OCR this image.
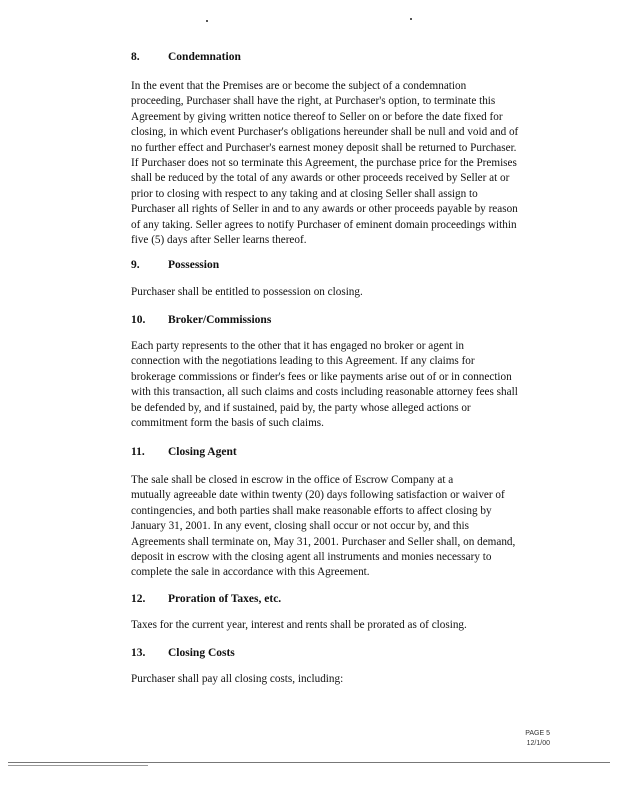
8. Condemnation

In the event that the Premises are or become the subject of a condemnation
proceeding, Purchaser shall have the right, at Purchaser's option, to terminate this
Agreement by giving written notice thereof to Seller on or before the date fixed for
closing, in which event Purchaser's obligations hereunder shall be null and void and of
no further effect and Purchaser's earnest money deposit shall be returned to Purchaser.
If Purchaser does not so terminate this Agreement, the purchase price for the Premises
shall be reduced by the total of any awards or other proceeds received by Seller at or
prior to closing with respect to any taking and at closing Seller shall assign to
Purchaser all rights of Seller in and to any awards or other proceeds payable by reason
of any taking. Seller agrees to notify Purchaser of eminent domain proceedings within
five (5) days after Seller learns thereof.

9. Possession

Purchaser shall be entitled to possession on closing.

10. Broker/Commissions

Each party represents to the other that it has engaged no broker or agent in
connection with the negotiations leading to this Agreement. If any claims for
brokerage commissions or finder's fees or like payments arise out of or in connection
with this transaction, all such claims and costs including reasonable attorney fees shall
be defended by, and if sustained, paid by, the party whose alleged actions or
commitment form the basis of such claims.

11. Closing Agent

The sale shall be closed in escrow in the office of Escrow Company at a
mutually agreeable date within twenty (20) days following satisfaction or waiver of
contingencies, and both parties shall make reasonable efforts to affect closing by
January 31, 2001. In any event, closing shall occur or not occur by, and this
Agreements shall terminate on, May 31, 2001. Purchaser and Seller shall, on demand,
deposit in escrow with the closing agent all instruments and monies necessary to
complete the sale in accordance with this Agreement.

12. Proration of Taxes, etc.

Taxes for the current year, interest and rents shall be prorated as of closing.

13. Closing Costs

Purchaser shall pay all closing costs, including:

PAGE 5
12/1/00
